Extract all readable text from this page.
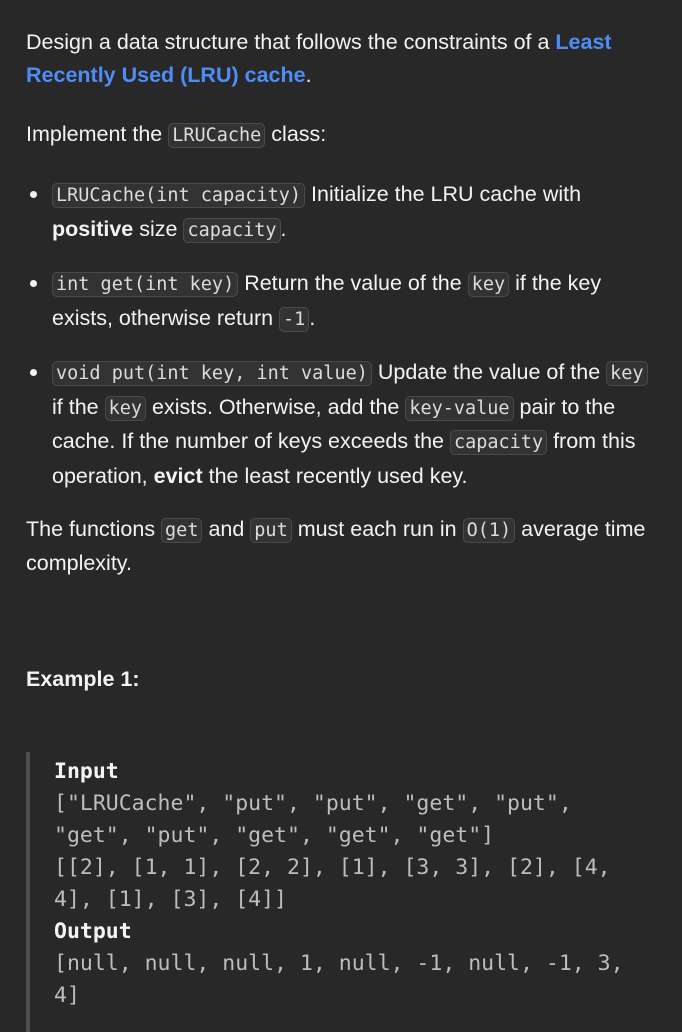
Design a data structure that follows the constraints of a Least Recently Used (LRU) cache.

Implement the LRUCache class:

LRUCache(int capacity) Initialize the LRU cache with positive size capacity .
int get(int key) Return the value of the key if the key exists, otherwise return -1 .
void put(int key, int value) Update the value of the key if the key exists. Otherwise, add the key-value pair to the cache. If the number of keys exceeds the capacity from this operation, evict the least recently used key.

The functions get and put must each run in O(1) average time complexity.

Example 1:
Input
["LRUCache", "put", "put", "get", "put",
"get", "put", "get", "get", "get"]
[[2], [1, 1], [2, 2], [1], [3, 3], [2], [4,
4], [1], [3], [4]]
Output
[null, null, null, 1, null, -1, null, -1, 3,
4]
